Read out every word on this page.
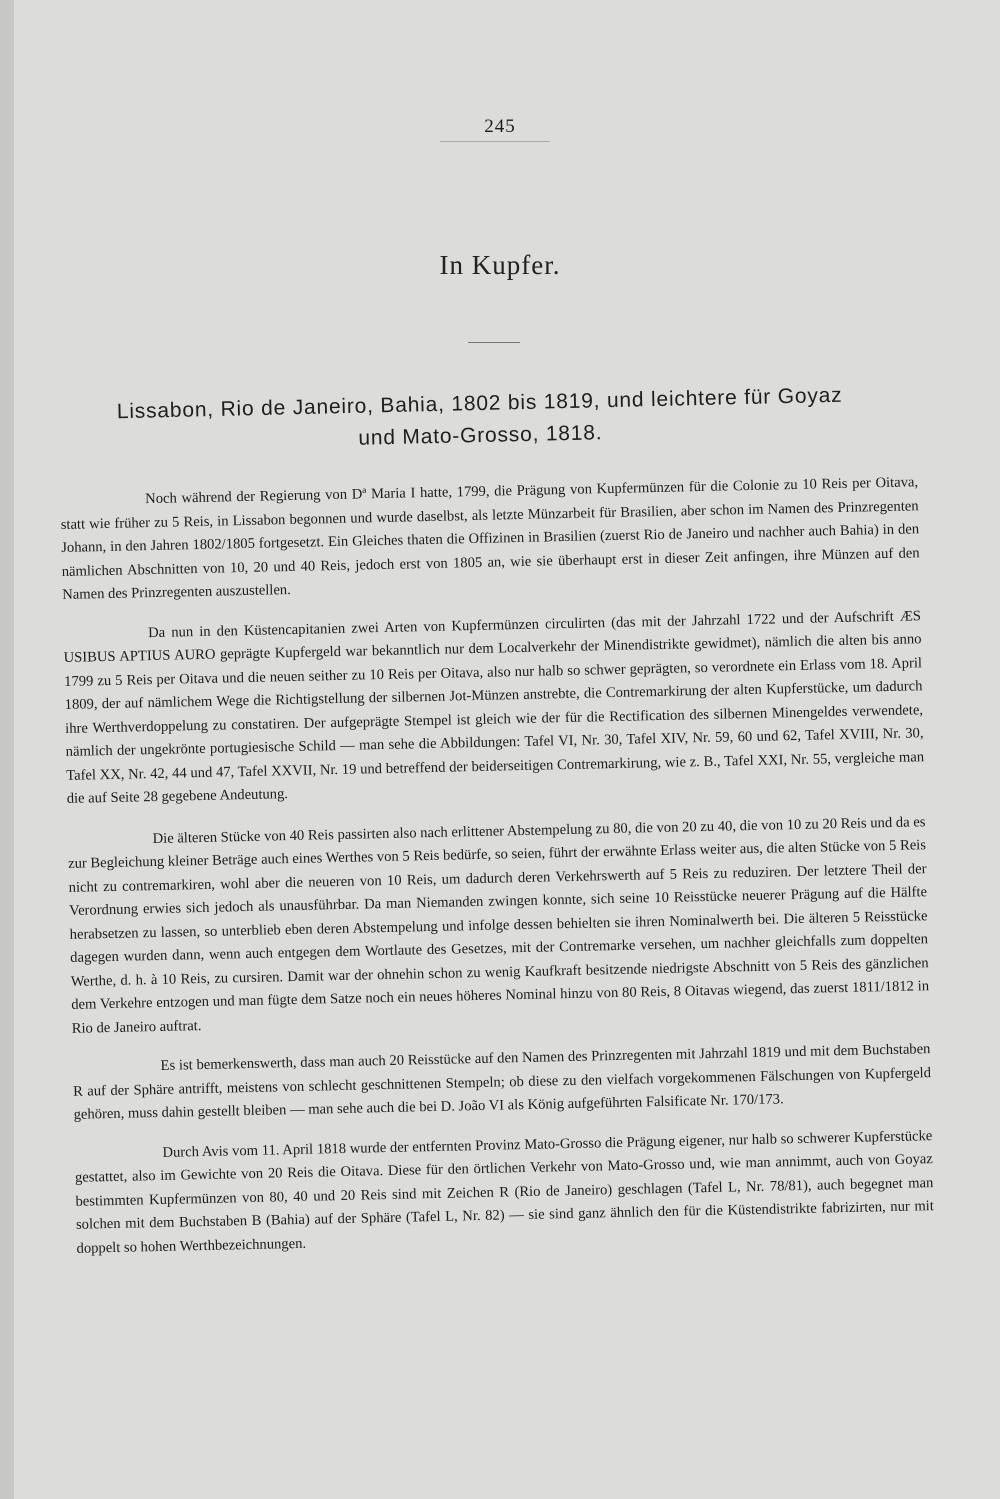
245
In Kupfer.
Lissabon, Rio de Janeiro, Bahia, 1802 bis 1819, und leichtere für Goyaz und Mato-Grosso, 1818.

Noch während der Regierung von Dª Maria I hatte, 1799, die Prägung von Kupfermünzen für die Colonie zu 10 Reis per Oitava, statt wie früher zu 5 Reis, in Lissabon begonnen und wurde daselbst, als letzte Münzarbeit für Brasilien, aber schon im Namen des Prinzregenten Johann, in den Jahren 1802/1805 fortgesetzt. Ein Gleiches thaten die Offizinen in Brasilien (zuerst Rio de Janeiro und nachher auch Bahia) in den nämlichen Abschnitten von 10, 20 und 40 Reis, jedoch erst von 1805 an, wie sie überhaupt erst in dieser Zeit anfingen, ihre Münzen auf den Namen des Prinzregenten auszustellen.

Da nun in den Küstencapitanien zwei Arten von Kupfermünzen circulirten (das mit der Jahrzahl 1722 und der Aufschrift ÆS USIBUS APTIUS AURO geprägte Kupfergeld war bekanntlich nur dem Localverkehr der Minendistrikte gewidmet), nämlich die alten bis anno 1799 zu 5 Reis per Oitava und die neuen seither zu 10 Reis per Oitava, also nur halb so schwer geprägten, so verordnete ein Erlass vom 18. April 1809, der auf nämlichem Wege die Richtigstellung der silbernen Jot-Münzen anstrebte, die Contremarkirung der alten Kupferstücke, um dadurch ihre Werthverdoppelung zu constatiren. Der aufgeprägte Stempel ist gleich wie der für die Rectification des silbernen Minengeldes verwendete, nämlich der ungekrönte portugiesische Schild — man sehe die Abbildungen: Tafel VI, Nr. 30, Tafel XIV, Nr. 59, 60 und 62, Tafel XVIII, Nr. 30, Tafel XX, Nr. 42, 44 und 47, Tafel XXVII, Nr. 19 und betreffend der beiderseitigen Contremarkirung, wie z. B., Tafel XXI, Nr. 55, vergleiche man die auf Seite 28 gegebene Andeutung.

Die älteren Stücke von 40 Reis passirten also nach erlittener Abstempelung zu 80, die von 20 zu 40, die von 10 zu 20 Reis und da es zur Begleichung kleiner Beträge auch eines Werthes von 5 Reis bedürfe, so seien, führt der erwähnte Erlass weiter aus, die alten Stücke von 5 Reis nicht zu contremarkiren, wohl aber die neueren von 10 Reis, um dadurch deren Verkehrswerth auf 5 Reis zu reduziren. Der letztere Theil der Verordnung erwies sich jedoch als unausführbar. Da man Niemanden zwingen konnte, sich seine 10 Reisstücke neuerer Prägung auf die Hälfte herabsetzen zu lassen, so unterblieb eben deren Abstempelung und infolge dessen behielten sie ihren Nominalwerth bei. Die älteren 5 Reisstücke dagegen wurden dann, wenn auch entgegen dem Wortlaute des Gesetzes, mit der Contremarke versehen, um nachher gleichfalls zum doppelten Werthe, d. h. à 10 Reis, zu cursiren. Damit war der ohnehin schon zu wenig Kaufkraft besitzende niedrigste Abschnitt von 5 Reis des gänzlichen dem Verkehre entzogen und man fügte dem Satze noch ein neues höheres Nominal hinzu von 80 Reis, 8 Oitavas wiegend, das zuerst 1811/1812 in Rio de Janeiro auftrat.

Es ist bemerkenswerth, dass man auch 20 Reisstücke auf den Namen des Prinzregenten mit Jahrzahl 1819 und mit dem Buchstaben R auf der Sphäre antrifft, meistens von schlecht geschnittenen Stempeln; ob diese zu den vielfach vorgekommenen Fälschungen von Kupfergeld gehören, muss dahin gestellt bleiben — man sehe auch die bei D. João VI als König aufgeführten Falsificate Nr. 170/173.

Durch Avis vom 11. April 1818 wurde der entfernten Provinz Mato-Grosso die Prägung eigener, nur halb so schwerer Kupferstücke gestattet, also im Gewichte von 20 Reis die Oitava. Diese für den örtlichen Verkehr von Mato-Grosso und, wie man annimmt, auch von Goyaz bestimmten Kupfermünzen von 80, 40 und 20 Reis sind mit Zeichen R (Rio de Janeiro) geschlagen (Tafel L, Nr. 78/81), auch begegnet man solchen mit dem Buchstaben B (Bahia) auf der Sphäre (Tafel L, Nr. 82) — sie sind ganz ähnlich den für die Küstendistrikte fabrizirten, nur mit doppelt so hohen Werthbezeichnungen.
